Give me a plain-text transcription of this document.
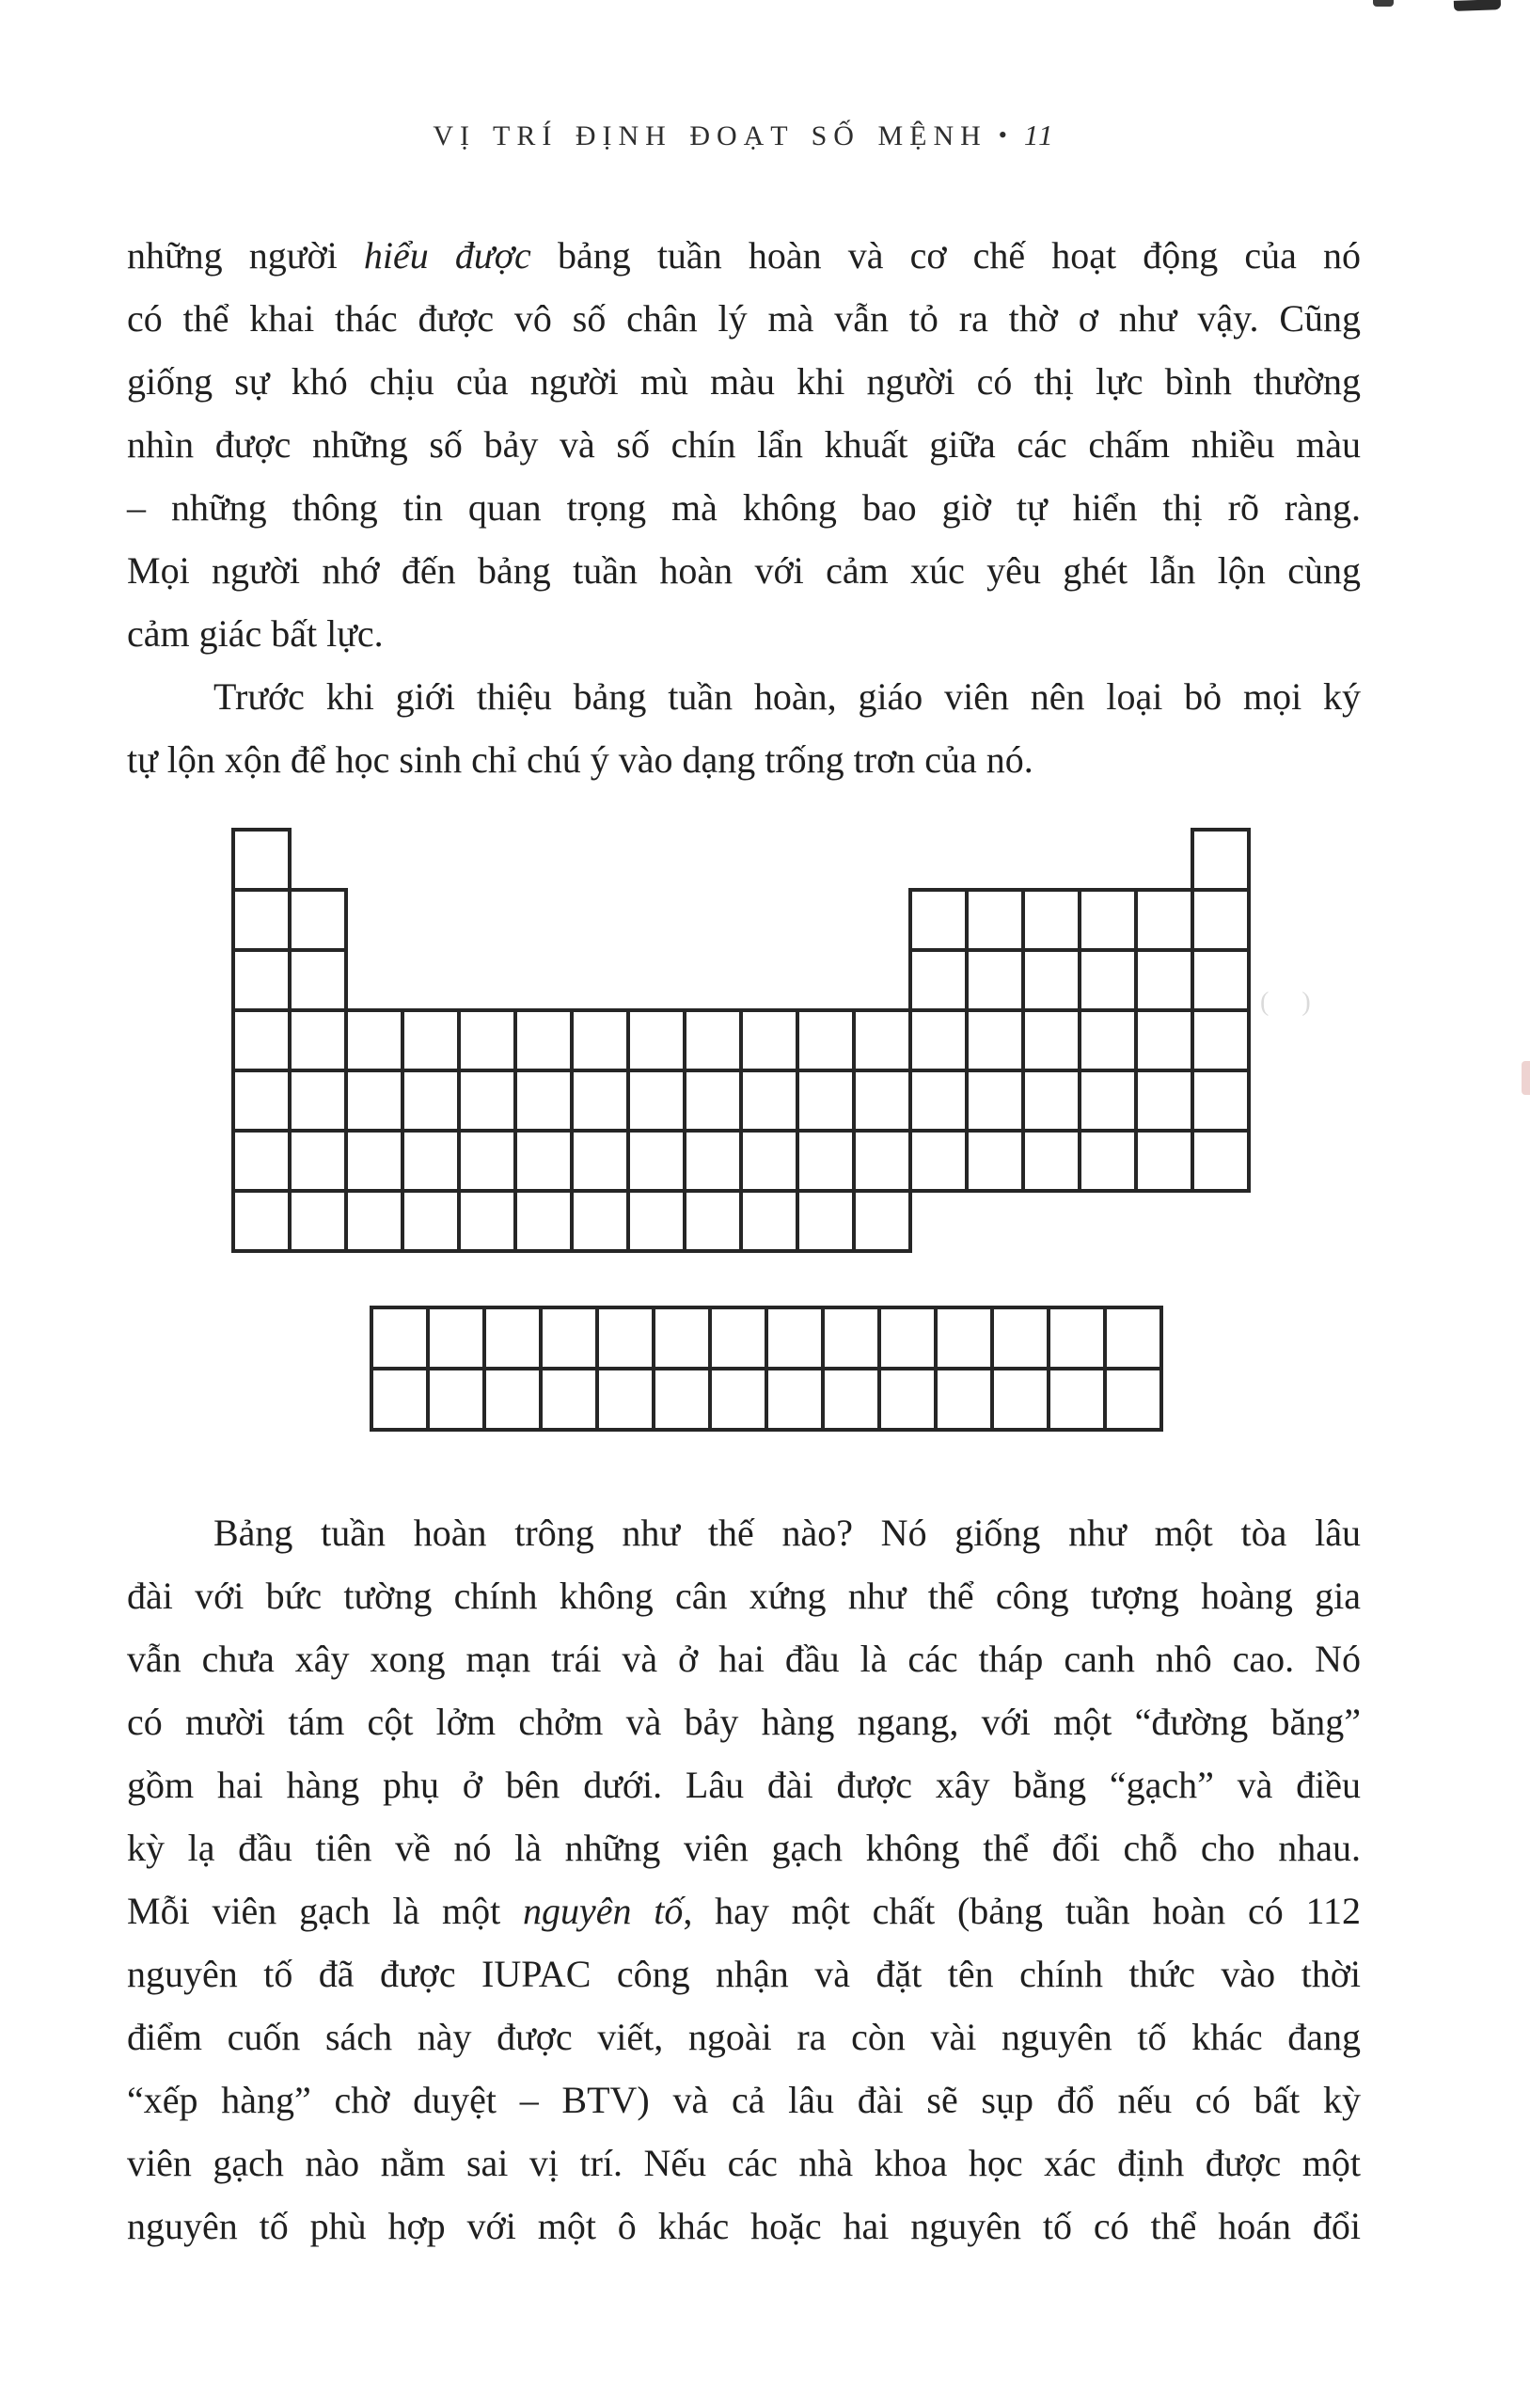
VỊ TRÍ ĐỊNH ĐOẠT SỐ MỆNH • 11
những người hiểu được bảng tuần hoàn và cơ chế hoạt động của nó
có thể khai thác được vô số chân lý mà vẫn tỏ ra thờ ơ như vậy. Cũng
giống sự khó chịu của người mù màu khi người có thị lực bình thường
nhìn được những số bảy và số chín lẩn khuất giữa các chấm nhiều màu
– những thông tin quan trọng mà không bao giờ tự hiển thị rõ ràng.
Mọi người nhớ đến bảng tuần hoàn với cảm xúc yêu ghét lẫn lộn cùng
cảm giác bất lực.
Trước khi giới thiệu bảng tuần hoàn, giáo viên nên loại bỏ mọi ký
tự lộn xộn để học sinh chỉ chú ý vào dạng trống trơn của nó.
Bảng tuần hoàn trông như thế nào? Nó giống như một tòa lâu
đài với bức tường chính không cân xứng như thể công tượng hoàng gia
vẫn chưa xây xong mạn trái và ở hai đầu là các tháp canh nhô cao. Nó
có mười tám cột lởm chởm và bảy hàng ngang, với một “đường băng”
gồm hai hàng phụ ở bên dưới. Lâu đài được xây bằng “gạch” và điều
kỳ lạ đầu tiên về nó là những viên gạch không thể đổi chỗ cho nhau.
Mỗi viên gạch là một nguyên tố, hay một chất (bảng tuần hoàn có 112
nguyên tố đã được IUPAC công nhận và đặt tên chính thức vào thời
điểm cuốn sách này được viết, ngoài ra còn vài nguyên tố khác đang
“xếp hàng” chờ duyệt – BTV) và cả lâu đài sẽ sụp đổ nếu có bất kỳ
viên gạch nào nằm sai vị trí. Nếu các nhà khoa học xác định được một
nguyên tố phù hợp với một ô khác hoặc hai nguyên tố có thể hoán đổi
( )
